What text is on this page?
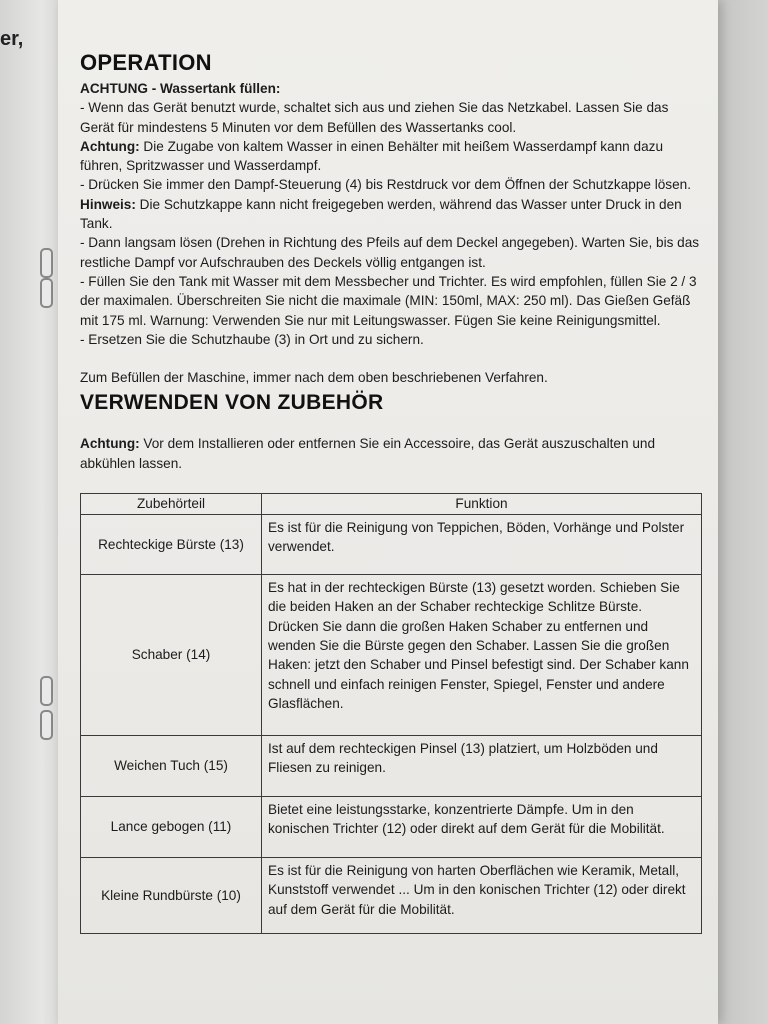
er,
OPERATION

ACHTUNG - Wassertank füllen:

- Wenn das Gerät benutzt wurde, schaltet sich aus und ziehen Sie das Netzkabel. Lassen Sie das Gerät für mindestens 5 Minuten vor dem Befüllen des Wassertanks cool.

Achtung: Die Zugabe von kaltem Wasser in einen Behälter mit heißem Wasserdampf kann dazu führen, Spritzwasser und Wasserdampf.

- Drücken Sie immer den Dampf-Steuerung (4) bis Restdruck vor dem Öffnen der Schutzkappe lösen.

Hinweis: Die Schutzkappe kann nicht freigegeben werden, während das Wasser unter Druck in den Tank.

- Dann langsam lösen (Drehen in Richtung des Pfeils auf dem Deckel angegeben). Warten Sie, bis das restliche Dampf vor Aufschrauben des Deckels völlig entgangen ist.

- Füllen Sie den Tank mit Wasser mit dem Messbecher und Trichter. Es wird empfohlen, füllen Sie 2 / 3 der maximalen. Überschreiten Sie nicht die maximale (MIN: 150ml, MAX: 250 ml). Das Gießen Gefäß mit 175 ml. Warnung: Verwenden Sie nur mit Leitungswasser. Fügen Sie keine Reinigungsmittel.

- Ersetzen Sie die Schutzhaube (3) in Ort und zu sichern.

Zum Befüllen der Maschine, immer nach dem oben beschriebenen Verfahren.

VERWENDEN VON ZUBEHÖR

Achtung: Vor dem Installieren oder entfernen Sie ein Accessoire, das Gerät auszuschalten und abkühlen lassen.

Zubehörteil	Funktion
Rechteckige Bürste (13)	Es ist für die Reinigung von Teppichen, Böden, Vorhänge und Polster verwendet.
Schaber (14)	Es hat in der rechteckigen Bürste (13) gesetzt worden. Schieben Sie die beiden Haken an der Schaber rechteckige Schlitze Bürste. Drücken Sie dann die großen Haken Schaber zu entfernen und wenden Sie die Bürste gegen den Schaber. Lassen Sie die großen Haken: jetzt den Schaber und Pinsel befestigt sind. Der Schaber kann schnell und einfach reinigen Fenster, Spiegel, Fenster und andere Glasflächen.
Weichen Tuch (15)	Ist auf dem rechteckigen Pinsel (13) platziert, um Holzböden und Fliesen zu reinigen.
Lance gebogen (11)	Bietet eine leistungsstarke, konzentrierte Dämpfe. Um in den konischen Trichter (12) oder direkt auf dem Gerät für die Mobilität.
Kleine Rundbürste (10)	Es ist für die Reinigung von harten Oberflächen wie Keramik, Metall, Kunststoff verwendet ... Um in den konischen Trichter (12) oder direkt auf dem Gerät für die Mobilität.
